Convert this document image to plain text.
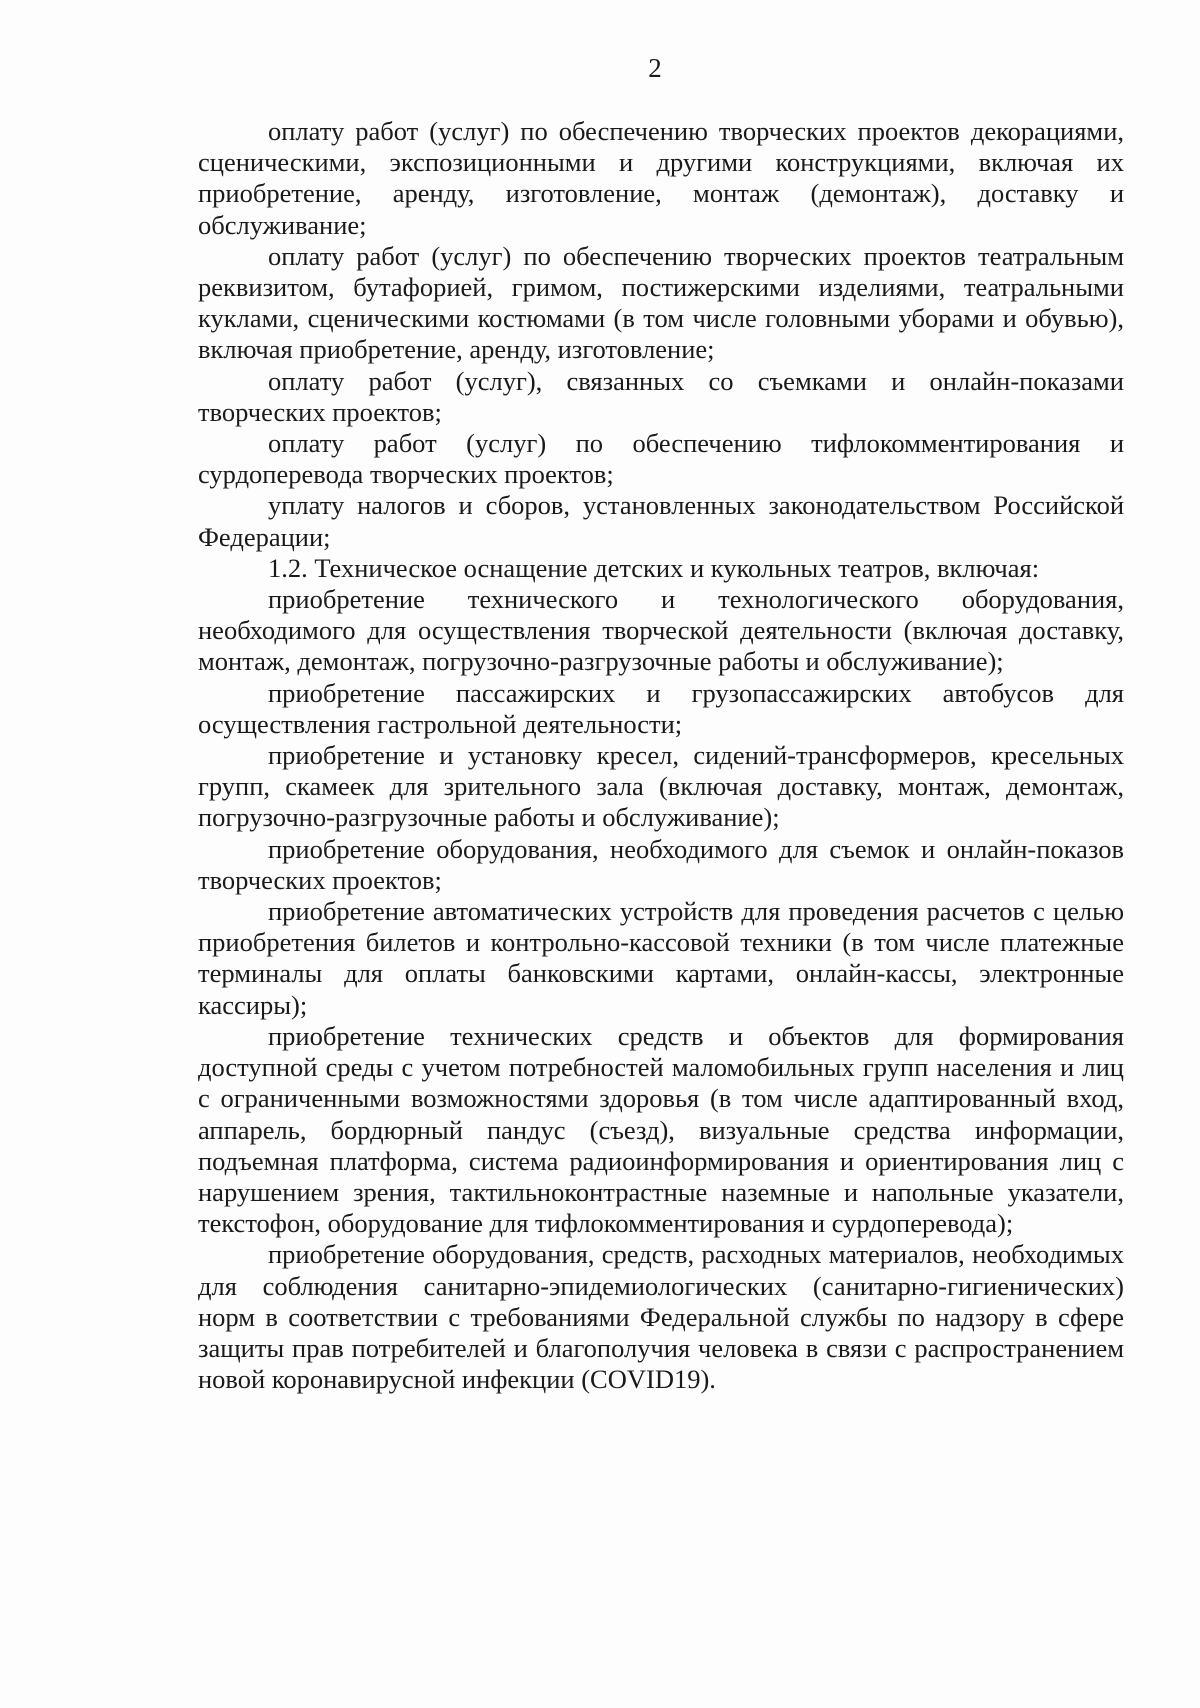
2

оплату работ (услуг) по обеспечению творческих проектов декорациями, сценическими, экспозиционными и другими конструкциями, включая их приобретение, аренду, изготовление, монтаж (демонтаж), доставку и обслуживание;

оплату работ (услуг) по обеспечению творческих проектов театральным реквизитом, бутафорией, гримом, постижерскими изделиями, театральными куклами, сценическими костюмами (в том числе головными уборами и обувью), включая приобретение, аренду, изготовление;

оплату работ (услуг), связанных со съемками и онлайн-показами творческих проектов;

оплату работ (услуг) по обеспечению тифлокомментирования и сурдоперевода творческих проектов;

уплату налогов и сборов, установленных законодательством Российской Федерации;

1.2. Техническое оснащение детских и кукольных театров, включая:

приобретение технического и технологического оборудования, необходимого для осуществления творческой деятельности (включая доставку, монтаж, демонтаж, погрузочно-разгрузочные работы и обслуживание);

приобретение пассажирских и грузопассажирских автобусов для осуществления гастрольной деятельности;

приобретение и установку кресел, сидений-трансформеров, кресельных групп, скамеек для зрительного зала (включая доставку, монтаж, демонтаж, погрузочно-разгрузочные работы и обслуживание);

приобретение оборудования, необходимого для съемок и онлайн-показов творческих проектов;

приобретение автоматических устройств для проведения расчетов с целью приобретения билетов и контрольно-кассовой техники (в том числе платежные терминалы для оплаты банковскими картами, онлайн-кассы, электронные кассиры);

приобретение технических средств и объектов для формирования доступной среды с учетом потребностей маломобильных групп населения и лиц с ограниченными возможностями здоровья (в том числе адаптированный вход, аппарель, бордюрный пандус (съезд), визуальные средства информации, подъемная платформа, система радиоинформирования и ориентирования лиц с нарушением зрения, тактильноконтрастные наземные и напольные указатели, текстофон, оборудование для тифлокомментирования и сурдоперевода);

приобретение оборудования, средств, расходных материалов, необходимых для соблюдения санитарно-эпидемиологических (санитарно-гигиенических) норм в соответствии с требованиями Федеральной службы по надзору в сфере защиты прав потребителей и благополучия человека в связи с распространением новой коронавирусной инфекции (COVID19).
